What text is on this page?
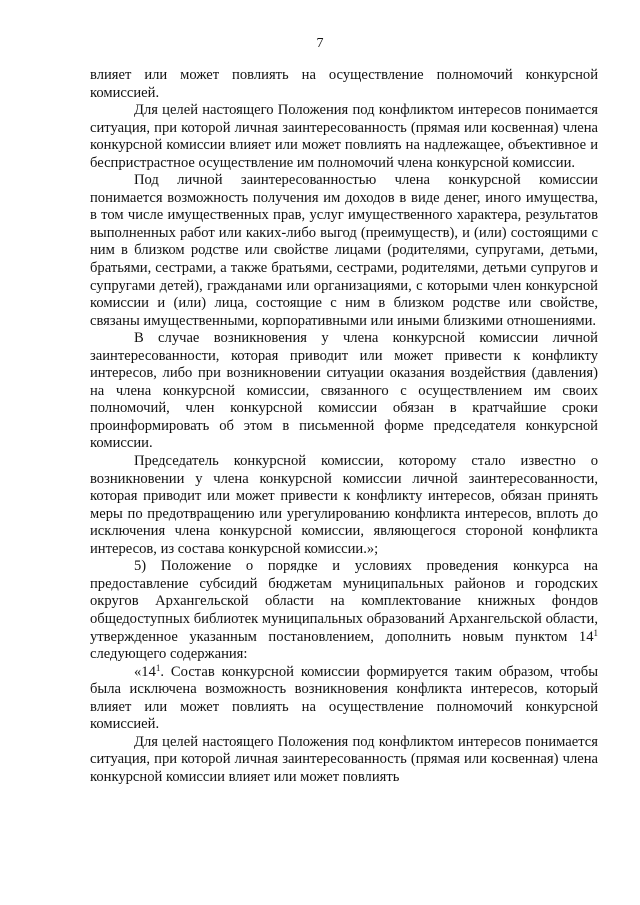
7

влияет или может повлиять на осуществление полномочий конкурсной комиссией.

Для целей настоящего Положения под конфликтом интересов понимается ситуация, при которой личная заинтересованность (прямая или косвенная) члена конкурсной комиссии влияет или может повлиять на надлежащее, объективное и беспристрастное осуществление им полномочий члена конкурсной комиссии.

Под личной заинтересованностью члена конкурсной комиссии понимается возможность получения им доходов в виде денег, иного имущества, в том числе имущественных прав, услуг имущественного характера, результатов выполненных работ или каких-либо выгод (преимуществ), и (или) состоящими с ним в близком родстве или свойстве лицами (родителями, супругами, детьми, братьями, сестрами, а также братьями, сестрами, родителями, детьми супругов и супругами детей), гражданами или организациями, с которыми член конкурсной комиссии и (или) лица, состоящие с ним в близком родстве или свойстве, связаны имущественными, корпоративными или иными близкими отношениями.

В случае возникновения у члена конкурсной комиссии личной заинтересованности, которая приводит или может привести к конфликту интересов, либо при возникновении ситуации оказания воздействия (давления) на члена конкурсной комиссии, связанного с осуществлением им своих полномочий, член конкурсной комиссии обязан в кратчайшие сроки проинформировать об этом в письменной форме председателя конкурсной комиссии.

Председатель конкурсной комиссии, которому стало известно о возникновении у члена конкурсной комиссии личной заинтересованности, которая приводит или может привести к конфликту интересов, обязан принять меры по предотвращению или урегулированию конфликта интересов, вплоть до исключения члена конкурсной комиссии, являющегося стороной конфликта интересов, из состава конкурсной комиссии.»;

5) Положение о порядке и условиях проведения конкурса на предоставление субсидий бюджетам муниципальных районов и городских округов Архангельской области на комплектование книжных фондов общедоступных библиотек муниципальных образований Архангельской области, утвержденное указанным постановлением, дополнить новым пунктом $14^1$ следующего содержания:

«$14^1$. Состав конкурсной комиссии формируется таким образом, чтобы была исключена возможность возникновения конфликта интересов, который влияет или может повлиять на осуществление полномочий конкурсной комиссией.

Для целей настоящего Положения под конфликтом интересов понимается ситуация, при которой личная заинтересованность (прямая или косвенная) члена конкурсной комиссии влияет или может повлиять
